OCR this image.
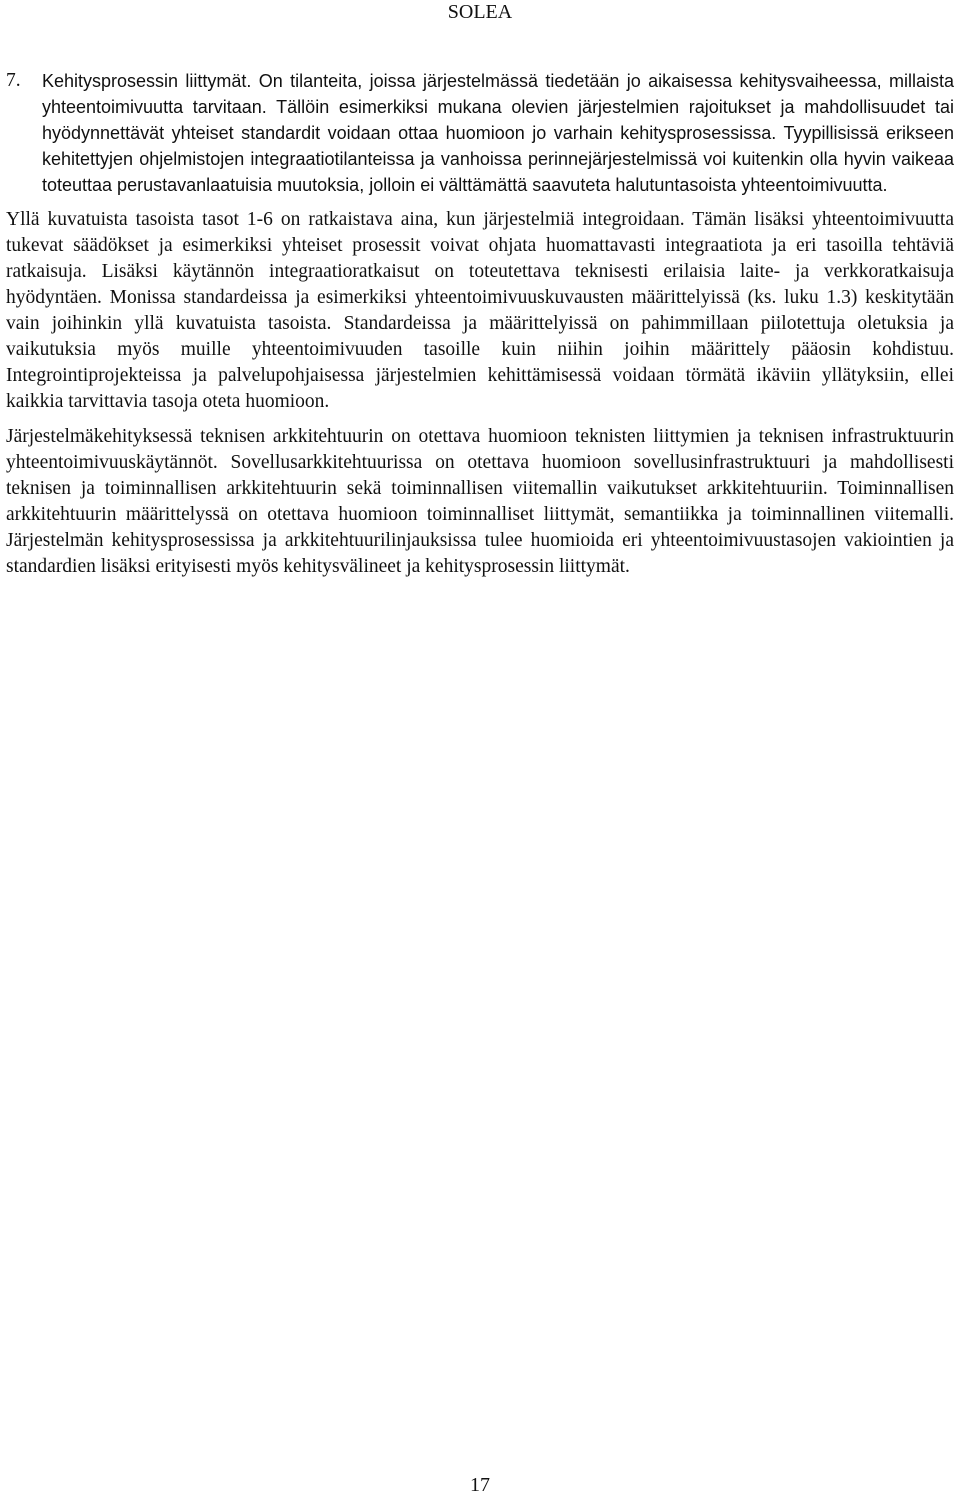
SOLEA
7.	Kehitysprosessin liittymät. On tilanteita, joissa järjestelmässä tiedetään jo aikaisessa kehitysvaiheessa, millaista yhteentoimivuutta tarvitaan. Tällöin esimerkiksi mukana olevien järjestelmien rajoitukset ja mahdollisuudet tai hyödynnettävät yhteiset standardit voidaan ottaa huomioon jo varhain kehitysprosessissa. Tyypillisissä erikseen kehitettyjen ohjelmistojen integraatiotilanteissa ja vanhoissa perinnejärjestelmissä voi kuitenkin olla hyvin vaikeaa toteuttaa perustavanlaatuisia muutoksia, jolloin ei välttämättä saavuteta halutuntasoista yhteentoimivuutta.

Yllä kuvatuista tasoista tasot 1-6 on ratkaistava aina, kun järjestelmiä integroidaan. Tämän lisäksi yhteentoimivuutta tukevat säädökset ja esimerkiksi yhteiset prosessit voivat ohjata huomattavasti integraatiota ja eri tasoilla tehtäviä ratkaisuja. Lisäksi käytännön integraatioratkaisut on toteutettava teknisesti erilaisia laite- ja verkkoratkaisuja hyödyntäen. Monissa standardeissa ja esimerkiksi yhteentoimivuuskuvausten määrittelyissä (ks. luku 1.3) keskitytään vain joihinkin yllä kuvatuista tasoista. Standardeissa ja määrittelyissä on pahimmillaan piilotettuja oletuksia ja vaikutuksia myös muille yhteentoimivuuden tasoille kuin niihin joihin määrittely pääosin kohdistuu. Integrointiprojekteissa ja palvelupohjaisessa järjestelmien kehittämisessä voidaan törmätä ikäviin yllätyksiin, ellei kaikkia tarvittavia tasoja oteta huomioon.

Järjestelmäkehityksessä teknisen arkkitehtuurin on otettava huomioon teknisten liittymien ja teknisen infrastruktuurin yhteentoimivuuskäytännöt. Sovellusarkkitehtuurissa on otettava huomioon sovellusinfrastruktuuri ja mahdollisesti teknisen ja toiminnallisen arkkitehtuurin sekä toiminnallisen viitemallin vaikutukset arkkitehtuuriin. Toiminnallisen arkkitehtuurin määrittelyssä on otettava huomioon toiminnalliset liittymät, semantiikka ja toiminnallinen viitemalli. Järjestelmän kehitysprosessissa ja arkkitehtuurilinjauksissa tulee huomioida eri yhteentoimivuustasojen vakiointien ja standardien lisäksi erityisesti myös kehitysvälineet ja kehitysprosessin liittymät.

17
